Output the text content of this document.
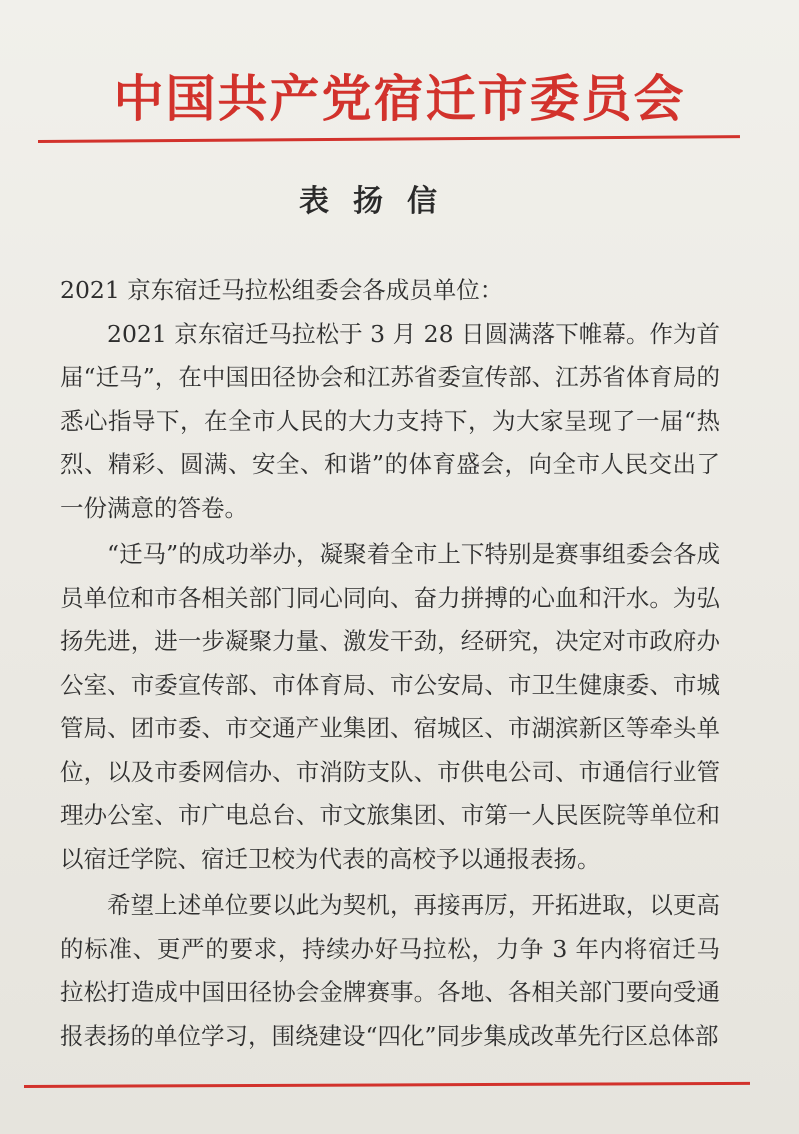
中国共产党宿迁市委员会
表扬信

2021 京东宿迁马拉松组委会各成员单位：

2021 京东宿迁马拉松于 3 月 28 日圆满落下帷幕。作为首届“迁马”，在中国田径协会和江苏省委宣传部、江苏省体育局的悉心指导下，在全市人民的大力支持下，为大家呈现了一届“热烈、精彩、圆满、安全、和谐”的体育盛会，向全市人民交出了一份满意的答卷。

“迁马”的成功举办，凝聚着全市上下特别是赛事组委会各成员单位和市各相关部门同心同向、奋力拼搏的心血和汗水。为弘扬先进，进一步凝聚力量、激发干劲，经研究，决定对市政府办公室、市委宣传部、市体育局、市公安局、市卫生健康委、市城管局、团市委、市交通产业集团、宿城区、市湖滨新区等牵头单位，以及市委网信办、市消防支队、市供电公司、市通信行业管理办公室、市广电总台、市文旅集团、市第一人民医院等单位和以宿迁学院、宿迁卫校为代表的高校予以通报表扬。

希望上述单位要以此为契机，再接再厉，开拓进取，以更高的标准、更严的要求，持续办好马拉松，力争 3 年内将宿迁马拉松打造成中国田径协会金牌赛事。各地、各相关部门要向受通报表扬的单位学习，围绕建设“四化”同步集成改革先行区总体部
